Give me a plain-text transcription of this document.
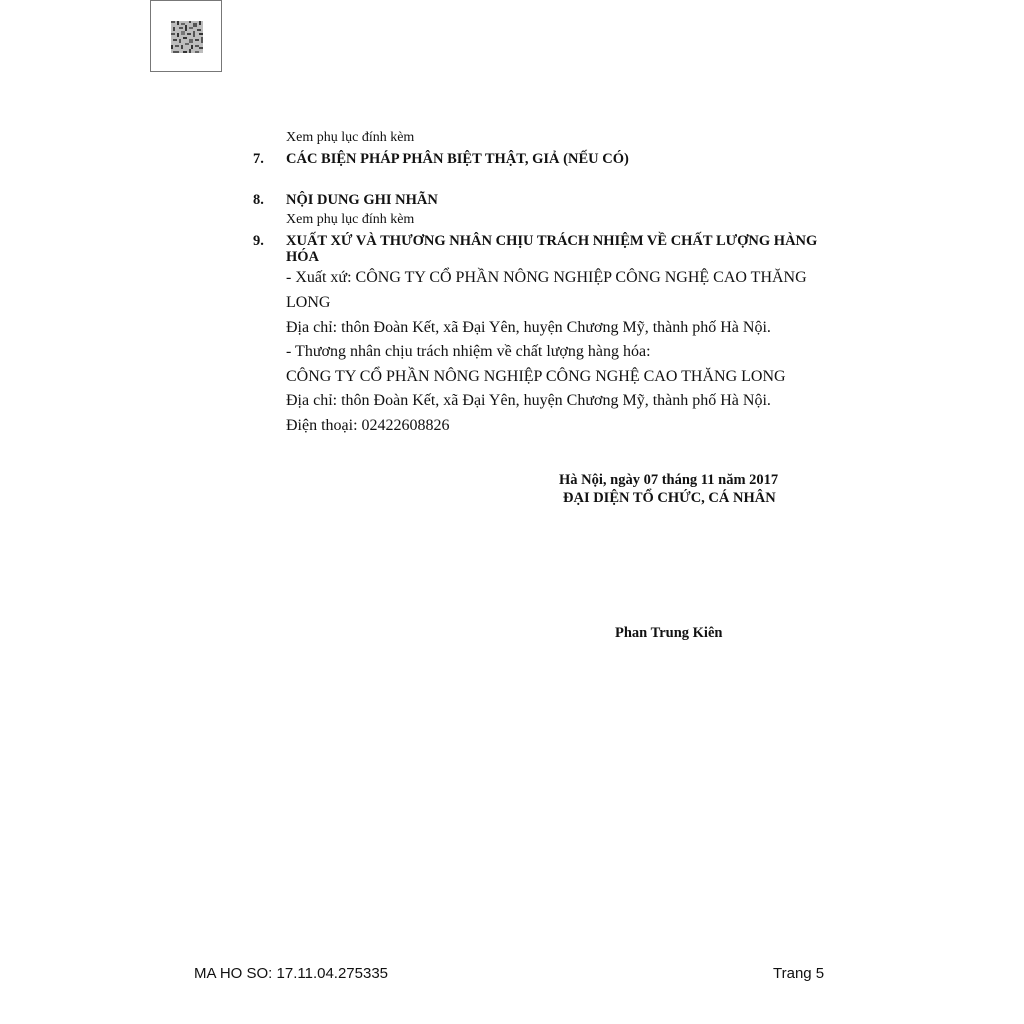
Xem phụ lục đính kèm
7. CÁC BIỆN PHÁP PHÂN BIỆT THẬT, GIẢ (NẾU CÓ)
8. NỘI DUNG GHI NHÃN
Xem phụ lục đính kèm
9. XUẤT XỨ VÀ THƯƠNG NHÂN CHỊU TRÁCH NHIỆM VỀ CHẤT LƯỢNG HÀNG
HÓA
- Xuất xứ: CÔNG TY CỔ PHẦN NÔNG NGHIỆP CÔNG NGHỆ CAO THĂNG
LONG
Địa chỉ: thôn Đoàn Kết, xã Đại Yên, huyện Chương Mỹ, thành phố Hà Nội.
- Thương nhân chịu trách nhiệm về chất lượng hàng hóa:
CÔNG TY CỔ PHẦN NÔNG NGHIỆP CÔNG NGHỆ CAO THĂNG LONG
Địa chỉ: thôn Đoàn Kết, xã Đại Yên, huyện Chương Mỹ, thành phố Hà Nội.
Điện thoại: 02422608826
Hà Nội, ngày 07 tháng 11 năm 2017
ĐẠI DIỆN TỔ CHỨC, CÁ NHÂN
Phan Trung Kiên
MA HO SO: 17.11.04.275335	Trang 5
